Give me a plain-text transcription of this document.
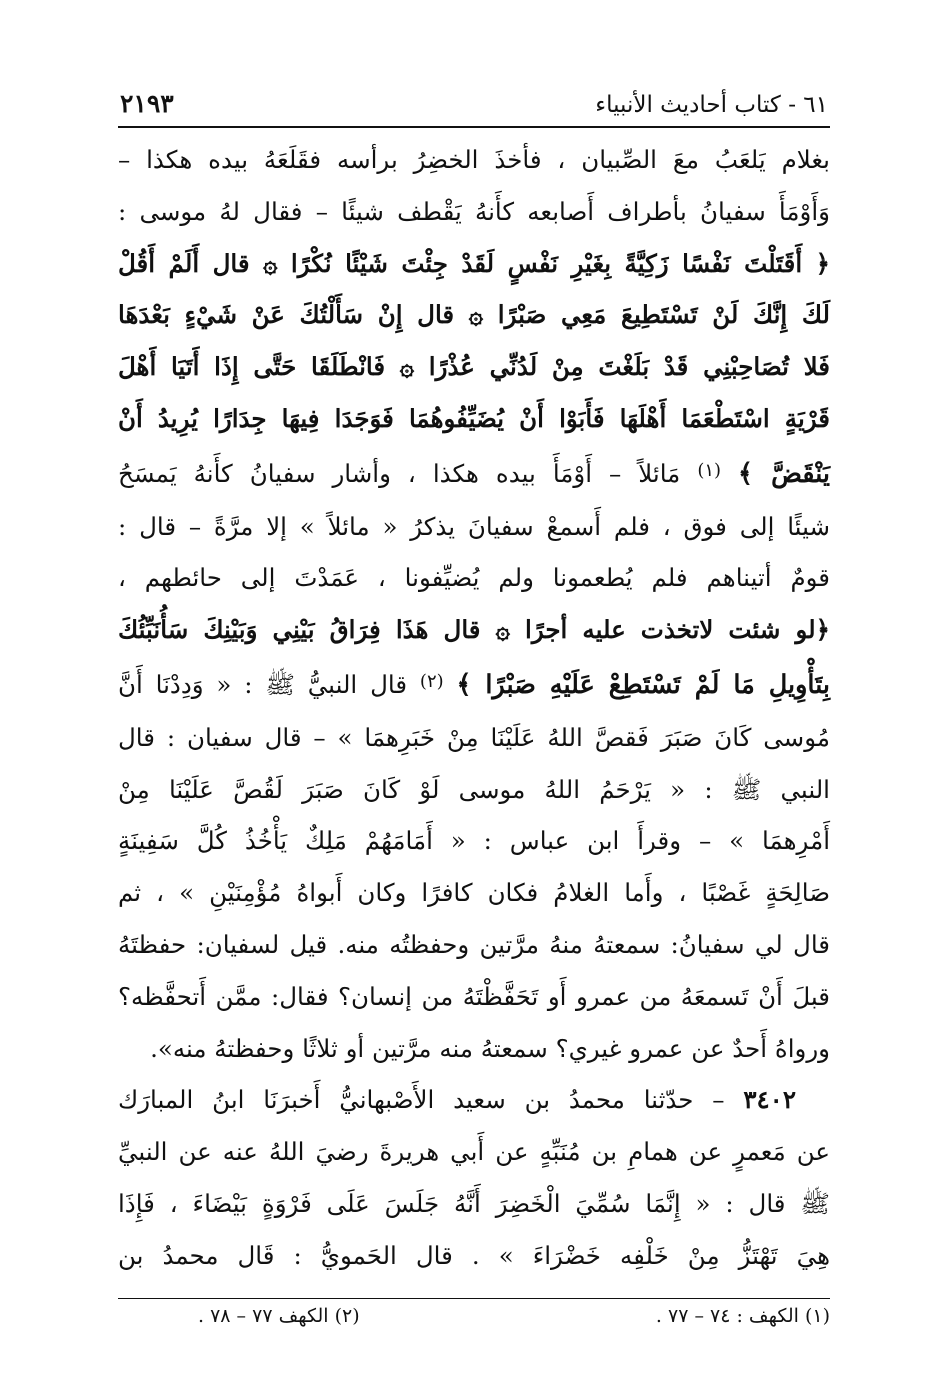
٦١ - كتاب أحاديث الأنبياء
٢١٩٣

بغلام يَلعَبُ معَ الصِّبيان ، فأخذَ الخضِرُ برأسه فقَلَعَهُ بيده هكذا –

وَأَوْمَأَ سفيانُ بأطراف أَصابعه كأَنهُ يَقْطف شيئًا – فقال لهُ موسى :

﴿ أَقَتَلْتَ نَفْسًا زَكِيَّةً بِغَيْرِ نَفْسٍ لَقَدْ جِئْتَ شَيْئًا نُكْرًا ۞ قال أَلَمْ أَقُلْ

لَكَ إِنَّكَ لَنْ تَسْتَطِيعَ مَعِي صَبْرًا ۞ قال إِنْ سَأَلْتُكَ عَنْ شَيْءٍ بَعْدَهَا

فَلا تُصَاحِبْنِي قَدْ بَلَغْتَ مِنْ لَدُنِّي عُذْرًا ۞ فَانْطَلَقَا حَتَّى إِذَا أَتَيَا أَهْلَ

قَرْيَةٍ اسْتَطْعَمَا أَهْلَهَا فَأَبَوْا أَنْ يُضَيِّفُوهُمَا فَوَجَدَا فِيهَا جِدَارًا يُرِيدُ أَنْ

يَنْقَضَّ ﴾ $^{(١)}$ مَائلاً – أَوْمَأَ بيده هكذا ، وأشار سفيانُ كأَنهُ يَمسَحُ

شيئًا إلى فوق ، فلم أَسمعْ سفيانَ يذكرُ « مائلاً » إلا مرَّةً – قال :

قومٌ أتيناهم فلم يُطعمونا ولم يُضيِّفونا ، عَمَدْتَ إلى حائطهم ،

﴿لو شئت لاتخذت عليه أجرًا ۞ قال هَذَا فِرَاقُ بَيْنِي وَبَيْنِكَ سَأُنَبِّئُكَ

بِتَأْوِيلِ مَا لَمْ تَسْتَطِعْ عَلَيْهِ صَبْرًا ﴾ $^{(٢)}$ قال النبيُّ ﷺ : « وَدِدْنَا أَنَّ

مُوسى كَانَ صَبَرَ فَقصَّ اللهُ عَلَيْنَا مِنْ خَبَرِهمَا » – قال سفيان : قال

النبي ﷺ : « يَرْحَمُ اللهُ موسى لَوْ كَانَ صَبَرَ لَقُصَّ عَلَيْنَا مِنْ

أَمْرِهمَا » – وقرأَ ابن عباس : « أَمَامَهُمْ مَلِكٌ يَأْخُذُ كُلَّ سَفِينَةٍ

صَالِحَةٍ غَصْبًا ، وأَما الغلامُ فكان كافرًا وكان أَبواهُ مُؤْمِنَيْنِ » ، ثم

قال لي سفيانُ: سمعتهُ منهُ مرَّتين وحفظتُه منه. قيل لسفيان: حفظتَهُ

قبلَ أَنْ تَسمعَهُ من عمرو أَو تَحَفَّظْتَهُ من إنسان؟ فقال: ممَّن أَتحفَّظه؟

ورواهُ أَحدٌ عن عمرو غيري؟ سمعتهُ منه مرَّتين أو ثلاثًا وحفظتهُ منه».

٣٤٠٢ – حدّثنا محمدُ بن سعيد الأَصْبهانيُّ أَخبرَنَا ابنُ المبارَك

عن مَعمرٍ عن همامِ بن مُنَبِّهٍ عن أَبي هريرةَ رضيَ اللهُ عنه عن النبيِّ

ﷺ قال : « إِنَّمَا سُمِّيَ الْخَضِرَ أَنَّهُ جَلَسَ عَلَى فَرْوَةٍ بَيْضَاءَ ، فَإِذَا

هِيَ تَهْتَزُّ مِنْ خَلْفِه خَضْرَاءَ » . قال الحَمويُّ : قَال محمدُ بن

(١) الكهف : ٧٤ – ٧٧ .
(٢) الكهف ٧٧ – ٧٨ .
